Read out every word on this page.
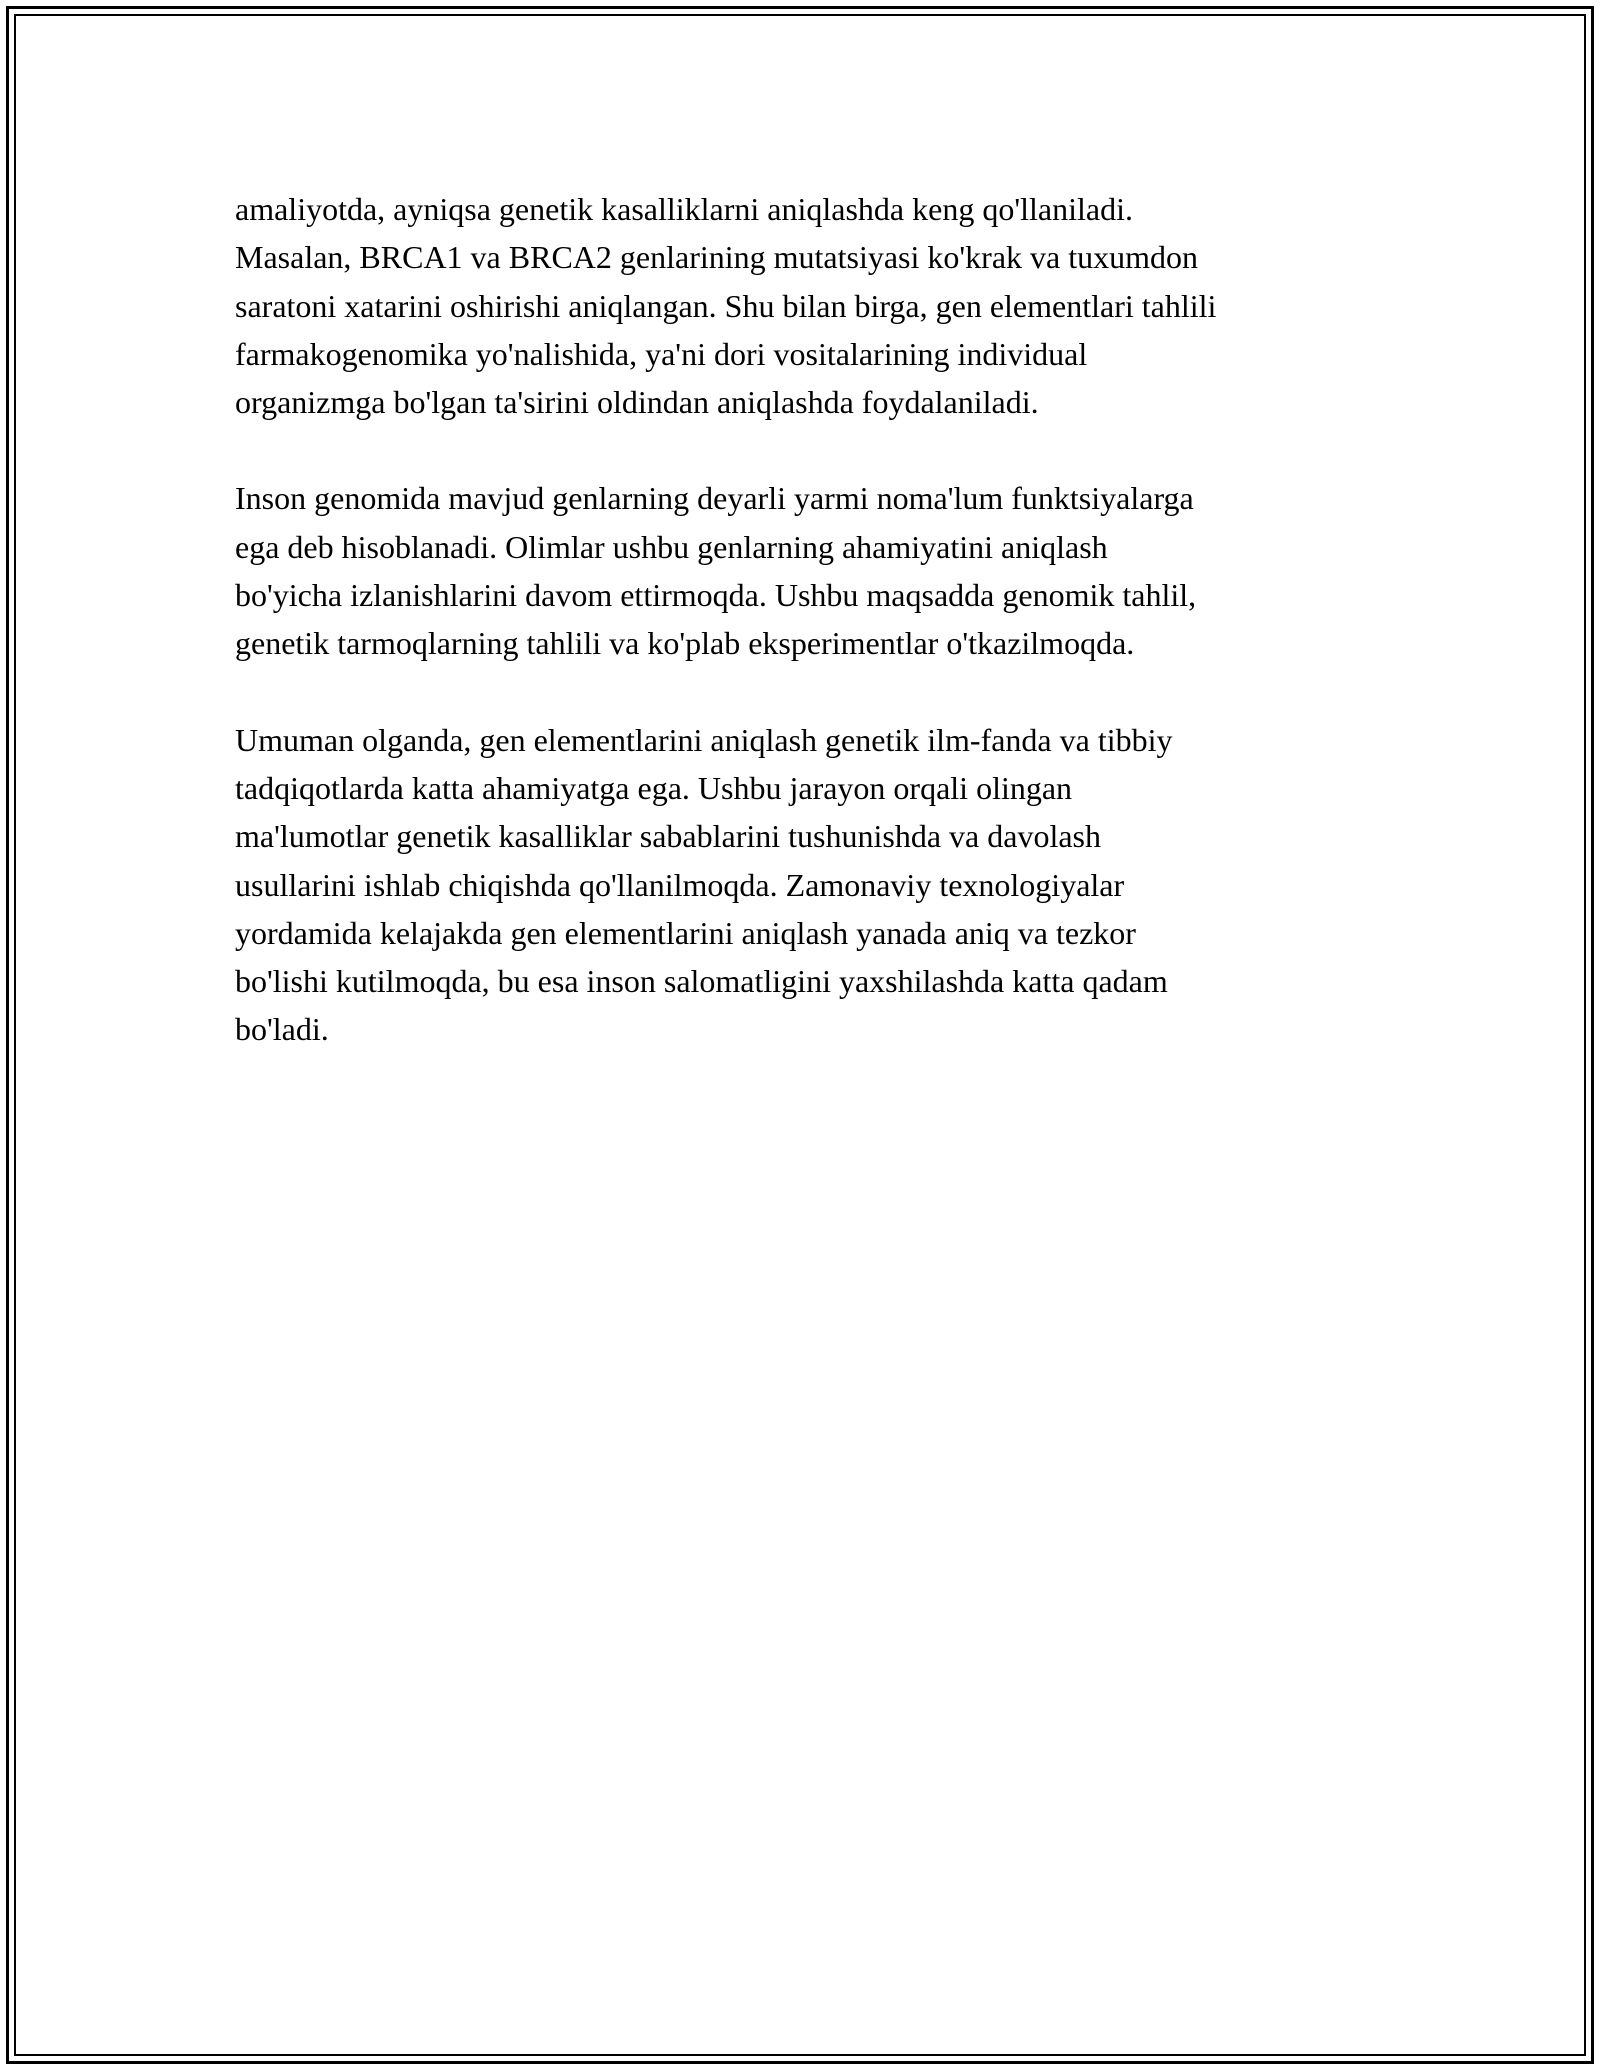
amaliyotda, ayniqsa genetik kasalliklarni aniqlashda keng qo'llaniladi.
Masalan, BRCA1 va BRCA2 genlarining mutatsiyasi ko'krak va tuxumdon
saratoni xatarini oshirishi aniqlangan. Shu bilan birga, gen elementlari tahlili
farmakogenomika yo'nalishida, ya'ni dori vositalarining individual
organizmga bo'lgan ta'sirini oldindan aniqlashda foydalaniladi.

Inson genomida mavjud genlarning deyarli yarmi noma'lum funktsiyalarga
ega deb hisoblanadi. Olimlar ushbu genlarning ahamiyatini aniqlash
bo'yicha izlanishlarini davom ettirmoqda. Ushbu maqsadda genomik tahlil,
genetik tarmoqlarning tahlili va ko'plab eksperimentlar o'tkazilmoqda.

Umuman olganda, gen elementlarini aniqlash genetik ilm-fanda va tibbiy
tadqiqotlarda katta ahamiyatga ega. Ushbu jarayon orqali olingan
ma'lumotlar genetik kasalliklar sabablarini tushunishda va davolash
usullarini ishlab chiqishda qo'llanilmoqda. Zamonaviy texnologiyalar
yordamida kelajakda gen elementlarini aniqlash yanada aniq va tezkor
bo'lishi kutilmoqda, bu esa inson salomatligini yaxshilashda katta qadam
bo'ladi.
